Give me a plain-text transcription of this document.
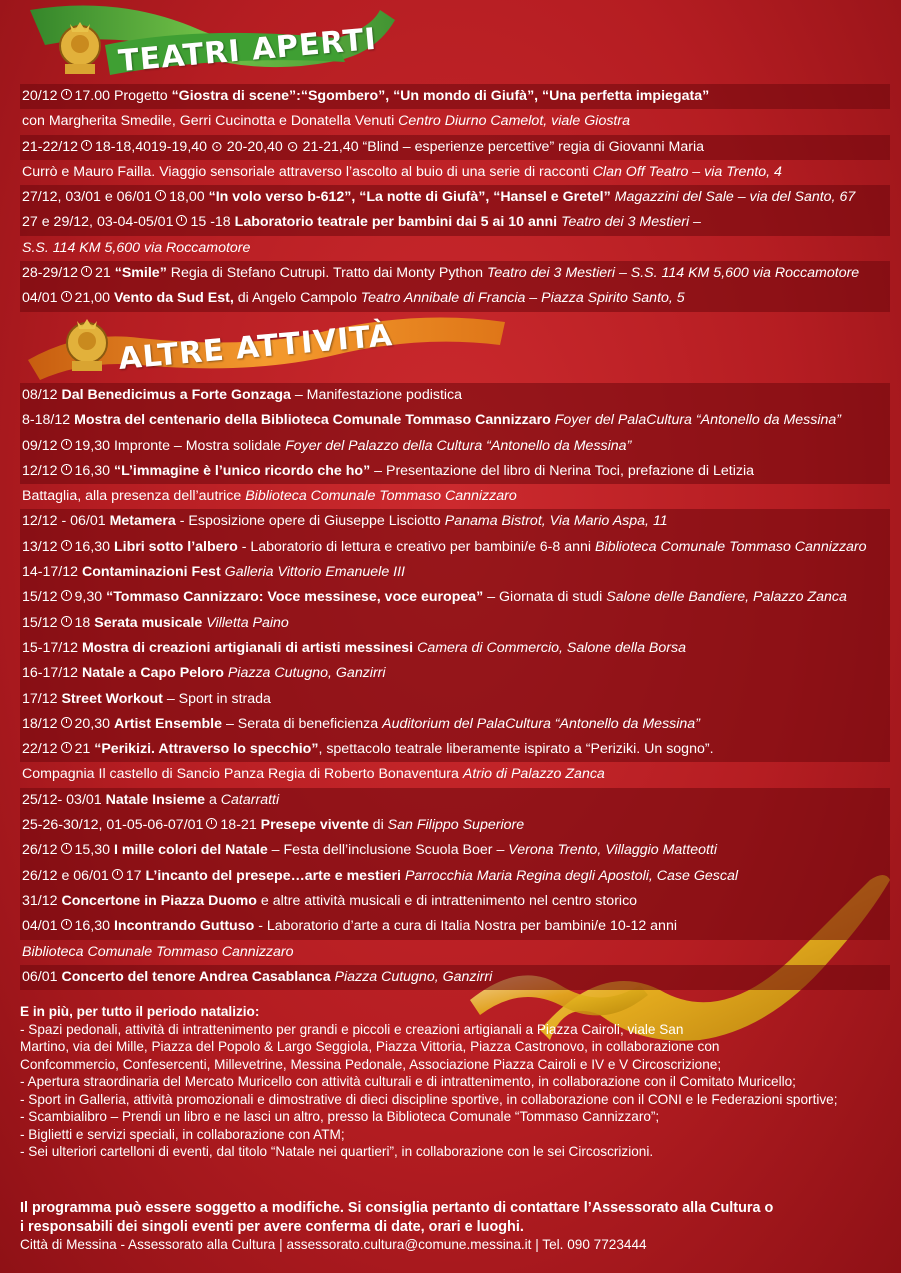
TEATRI APERTI
ALTRE ATTIVITÀ
20/12 17.00 Progetto “Giostra di scene”:“Sgombero”, “Un mondo di Giufà”, “Una perfetta impiegata”
con Margherita Smedile, Gerri Cucinotta e Donatella Venuti Centro Diurno Camelot, viale Giostra
21-22/12 18-18,4019-19,40 ⊙ 20-20,40 ⊙ 21-21,40 “Blind – esperienze percettive” regia di Giovanni Maria
Currò e Mauro Failla. Viaggio sensoriale attraverso l’ascolto al buio di una serie di racconti Clan Off Teatro – via Trento, 4
27/12, 03/01 e 06/01 18,00 “In volo verso b-612”, “La notte di Giufà”, “Hansel e Gretel” Magazzini del Sale – via del Santo, 67
27 e 29/12, 03-04-05/01 15 -18 Laboratorio teatrale per bambini dai 5 ai 10 anni Teatro dei 3 Mestieri –
S.S. 114 KM 5,600 via Roccamotore
28-29/12 21 “Smile” Regia di Stefano Cutrupi. Tratto dai Monty Python Teatro dei 3 Mestieri – S.S. 114 KM 5,600 via Roccamotore
04/01 21,00 Vento da Sud Est, di Angelo Campolo Teatro Annibale di Francia – Piazza Spirito Santo, 5
08/12 Dal Benedicimus a Forte Gonzaga – Manifestazione podistica
8-18/12 Mostra del centenario della Biblioteca Comunale Tommaso Cannizzaro Foyer del PalaCultura “Antonello da Messina”
09/12 19,30 Impronte – Mostra solidale Foyer del Palazzo della Cultura “Antonello da Messina”
12/12 16,30 “L’immagine è l’unico ricordo che ho” – Presentazione del libro di Nerina Toci, prefazione di Letizia
Battaglia, alla presenza dell’autrice Biblioteca Comunale Tommaso Cannizzaro
12/12 - 06/01 Metamera - Esposizione opere di Giuseppe Lisciotto Panama Bistrot, Via Mario Aspa, 11
13/12 16,30 Libri sotto l’albero - Laboratorio di lettura e creativo per bambini/e 6-8 anni Biblioteca Comunale Tommaso Cannizzaro
14-17/12 Contaminazioni Fest Galleria Vittorio Emanuele III
15/12 9,30 “Tommaso Cannizzaro: Voce messinese, voce europea” – Giornata di studi Salone delle Bandiere, Palazzo Zanca
15/12 18 Serata musicale Villetta Paino
15-17/12 Mostra di creazioni artigianali di artisti messinesi Camera di Commercio, Salone della Borsa
16-17/12 Natale a Capo Peloro Piazza Cutugno, Ganzirri
17/12 Street Workout – Sport in strada
18/12 20,30 Artist Ensemble – Serata di beneficienza Auditorium del PalaCultura “Antonello da Messina”
22/12 21 “Perikizi. Attraverso lo specchio”, spettacolo teatrale liberamente ispirato a “Periziki. Un sogno”.
Compagnia Il castello di Sancio Panza Regia di Roberto Bonaventura Atrio di Palazzo Zanca
25/12- 03/01 Natale Insieme a Catarratti
25-26-30/12, 01-05-06-07/01 18-21 Presepe vivente di San Filippo Superiore
26/12 15,30 I mille colori del Natale – Festa dell’inclusione Scuola Boer – Verona Trento, Villaggio Matteotti
26/12 e 06/01 17 L’incanto del presepe…arte e mestieri Parrocchia Maria Regina degli Apostoli, Case Gescal
31/12 Concertone in Piazza Duomo e altre attività musicali e di intrattenimento nel centro storico
04/01 16,30 Incontrando Guttuso - Laboratorio d’arte a cura di Italia Nostra per bambini/e 10-12 anni
Biblioteca Comunale Tommaso Cannizzaro
06/01 Concerto del tenore Andrea Casablanca Piazza Cutugno, Ganzirri
E in più, per tutto il periodo natalizio:
- Spazi pedonali, attività di intrattenimento per grandi e piccoli e creazioni artigianali a Piazza Cairoli, viale San
Martino, via dei Mille, Piazza del Popolo & Largo Seggiola, Piazza Vittoria, Piazza Castronovo, in collaborazione con
Confcommercio, Confesercenti, Millevetrine, Messina Pedonale, Associazione Piazza Cairoli e IV e V Circoscrizione;
- Apertura straordinaria del Mercato Muricello con attività culturali e di intrattenimento, in collaborazione con il Comitato Muricello;
- Sport in Galleria, attività promozionali e dimostrative di dieci discipline sportive, in collaborazione con il CONI e le Federazioni sportive;
- Scambialibro – Prendi un libro e ne lasci un altro, presso la Biblioteca Comunale “Tommaso Cannizzaro”;
- Biglietti e servizi speciali, in collaborazione con ATM;
- Sei ulteriori cartelloni di eventi, dal titolo “Natale nei quartieri”, in collaborazione con le sei Circoscrizioni.
Il programma può essere soggetto a modifiche. Si consiglia pertanto di contattare l’Assessorato alla Cultura o
i responsabili dei singoli eventi per avere conferma di date, orari e luoghi.
Città di Messina - Assessorato alla Cultura | assessorato.cultura@comune.messina.it | Tel. 090 7723444
